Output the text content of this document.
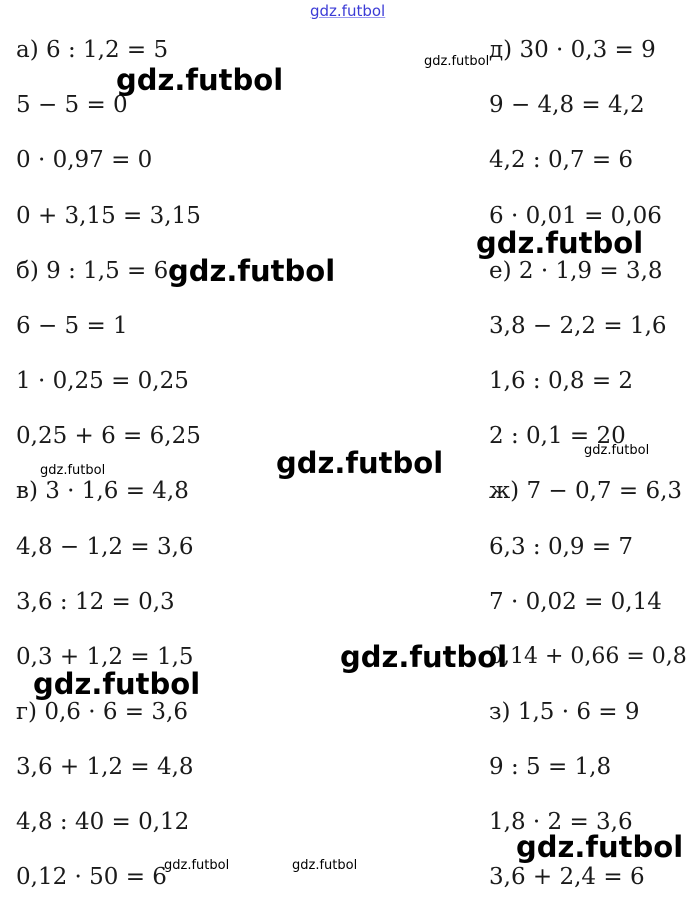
gdz.futbol
а) 6 : 1,2 = 5
5 − 5 = 0
0 · 0,97 = 0
0 + 3,15 = 3,15
б) 9 : 1,5 = 6
6 − 5 = 1
1 · 0,25 = 0,25
0,25 + 6 = 6,25
в) 3 · 1,6 = 4,8
4,8 − 1,2 = 3,6
3,6 : 12 = 0,3
0,3 + 1,2 = 1,5
г) 0,6 · 6 = 3,6
3,6 + 1,2 = 4,8
4,8 : 40 = 0,12
0,12 · 50 = 6
д) 30 · 0,3 = 9
9 − 4,8 = 4,2
4,2 : 0,7 = 6
6 · 0,01 = 0,06
е) 2 · 1,9 = 3,8
3,8 − 2,2 = 1,6
1,6 : 0,8 = 2
2 : 0,1 = 20
ж) 7 − 0,7 = 6,3
6,3 : 0,9 = 7
7 · 0,02 = 0,14
0,14 + 0,66 = 0,8
з) 1,5 · 6 = 9
9 : 5 = 1,8
1,8 · 2 = 3,6
3,6 + 2,4 = 6
gdz.futbol
gdz.futbol
gdz.futbol
gdz.futbol
gdz.futbol
gdz.futbol
gdz.futbol
gdz.futbol
gdz.futbol
gdz.futbol
gdz.futbol	gdz.futbol
